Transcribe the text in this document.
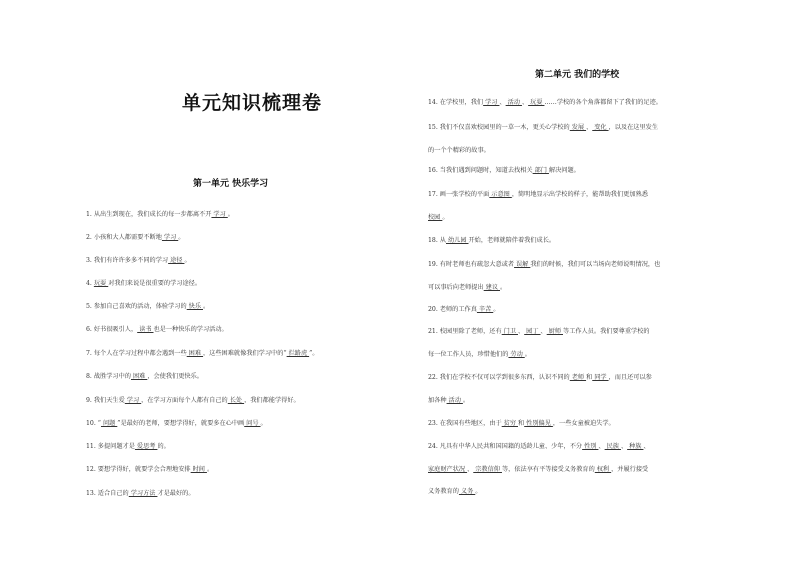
单元知识梳理卷
第一单元 快乐学习
第二单元 我们的学校
1. 从出生到现在，我们成长的每一步都离不开 学习 。
2. 小孩和大人都需要不断地 学习 。
3. 我们有许许多多不同的学习 途径 。
4. 玩耍 对我们来说是很重要的学习途径。
5. 参加自己喜欢的活动，体验学习的 快乐 。
6. 好书很吸引人， 读书 也是一种快乐的学习活动。
7. 每个人在学习过程中都会遇到一些 困难 ，这些困难就像我们学习中的“ 拦路虎 ”。
8. 战胜学习中的 困难 ，会使我们更快乐。
9. 我们天生爱 学习 ，在学习方面每个人都有自己的 长处 ，我们都能学得好。
10. “ 问题 ”是最好的老师，要想学得好，就要多在心中画 问号 。
11. 多提问题才是 爱思考 的。
12. 要想学得好，就要学会合理地安排 时间 。
13. 适合自己的 学习方法 才是最好的。
14. 在学校里，我们 学习 、 活动 、 玩耍 ……学校的各个角落都留下了我们的足迹。
15. 我们不仅喜欢校园里的一草一木，更关心学校的 发展 、 变化 ，以及在这里发生
的一个个精彩的故事。
16. 当我们遇到问题时，知道去找相关 部门 解决问题。
17. 画一张学校的平面 示意图 ，简明地显示出学校的样子，能帮助我们更加熟悉
校园 。
18. 从 幼儿园 开始，老师就陪伴着我们成长。
19. 有时老师也有疏忽大意或者 误解 我们的时候，我们可以当场向老师说明情况，也
可以事后向老师提出 建议 。
20. 老师的工作真 辛苦 。
21. 校园里除了老师，还有 门卫 、 园丁 、 厨师 等工作人员。我们要尊重学校的
每一位工作人员，珍惜他们的 劳动 。
22. 我们在学校不仅可以学到很多东西，认识不同的 老师 和 同学 ，而且还可以参
加各种 活动 。
23. 在我国有些地区，由于 贫穷 和 性别偏见 ，一些女童被迫失学。
24. 凡具有中华人民共和国国籍的适龄儿童、少年，不分 性别 、 民族 、 种族 、
家庭财产状况 、 宗教信仰 等，依法享有平等接受义务教育的 权利 ，并履行接受
义务教育的 义务 。
